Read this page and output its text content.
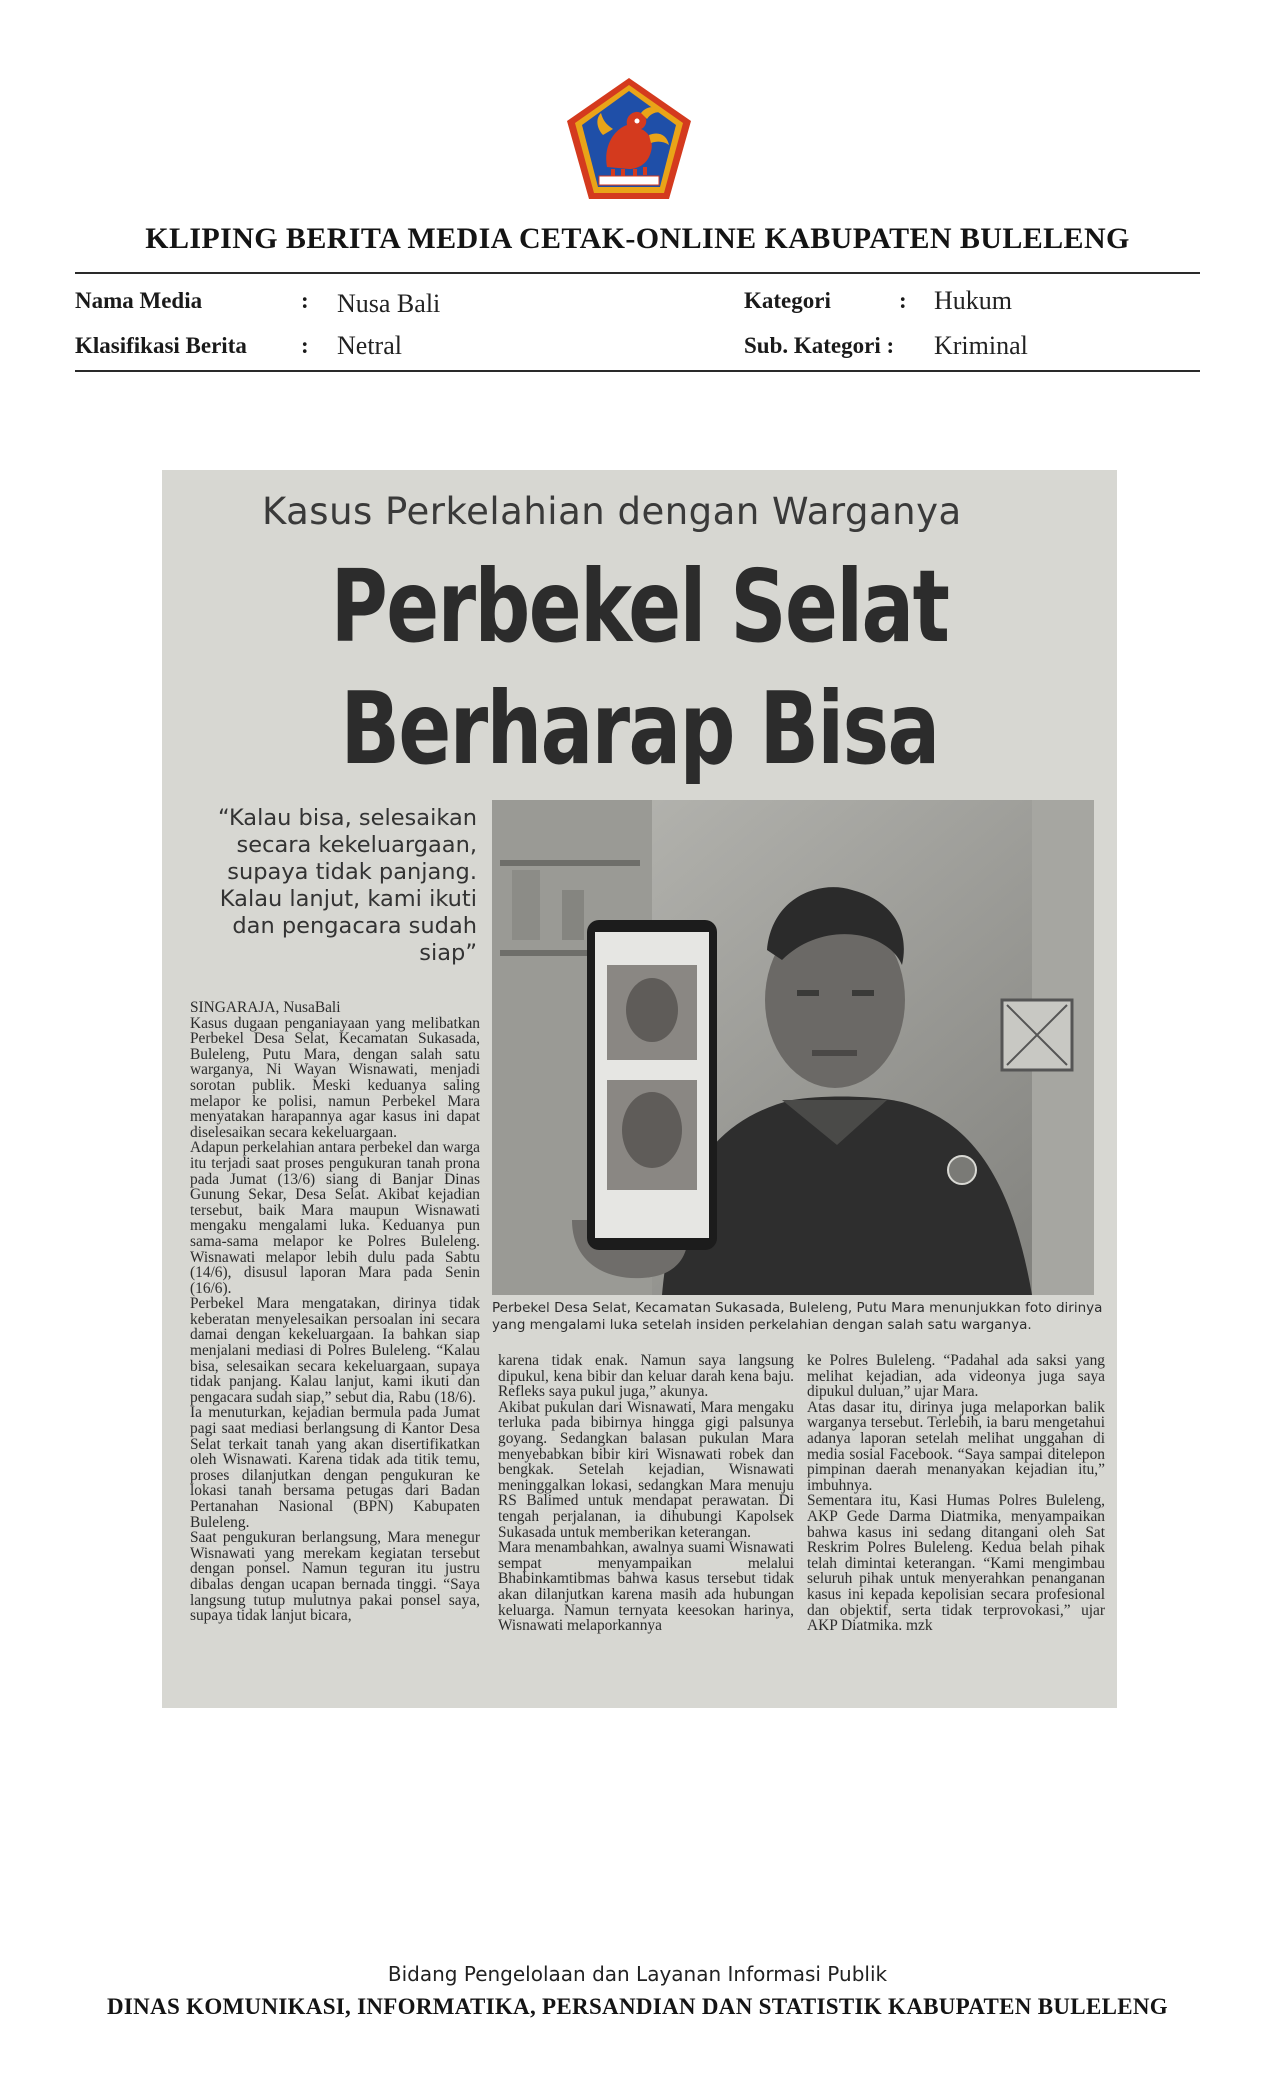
KLIPING BERITA MEDIA CETAK-ONLINE KABUPATEN BULELENG
Nama Media	: Nusa Bali	Kategori	: Hukum
Klasifikasi Berita : Netral	Sub. Kategori : Kriminal
Kasus Perkelahian dengan Warganya
Perbekel Selat
Berharap Bisa
“Kalau bisa, selesaikan secara kekeluargaan, supaya tidak panjang. Kalau lanjut, kami ikuti dan pengacara sudah siap”
Perbekel Desa Selat, Kecamatan Sukasada, Buleleng, Putu Mara menunjukkan foto dirinya yang mengalami luka setelah insiden perkelahian dengan salah satu warganya.
SINGARAJA, NusaBali
Kasus dugaan penganiayaan yang melibatkan Perbekel Desa Selat, Kecamatan Sukasada, Buleleng, Putu Mara, dengan salah satu warganya, Ni Wayan Wisnawati, menjadi sorotan publik. Meski keduanya saling melapor ke polisi, namun Perbekel Mara menyatakan harapannya agar kasus ini dapat diselesaikan secara kekeluargaan.
Adapun perkelahian antara perbekel dan warga itu terjadi saat proses pengukuran tanah prona pada Jumat (13/6) siang di Banjar Dinas Gunung Sekar, Desa Selat. Akibat kejadian tersebut, baik Mara maupun Wisnawati mengaku mengalami luka. Keduanya pun sama-sama melapor ke Polres Buleleng. Wisnawati melapor lebih dulu pada Sabtu (14/6), disusul laporan Mara pada Senin (16/6).
Perbekel Mara mengatakan, dirinya tidak keberatan menyelesaikan persoalan ini secara damai dengan kekeluargaan. Ia bahkan siap menjalani mediasi di Polres Buleleng. “Kalau bisa, selesaikan secara kekeluargaan, supaya tidak panjang. Kalau lanjut, kami ikuti dan pengacara sudah siap,” sebut dia, Rabu (18/6).
Ia menuturkan, kejadian bermula pada Jumat pagi saat mediasi berlangsung di Kantor Desa Selat terkait tanah yang akan disertifikatkan oleh Wisnawati. Karena tidak ada titik temu, proses dilanjutkan dengan pengukuran ke lokasi tanah bersama petugas dari Badan Pertanahan Nasional (BPN) Kabupaten Buleleng.
Saat pengukuran berlangsung, Mara menegur Wisnawati yang merekam kegiatan tersebut dengan ponsel. Namun teguran itu justru dibalas dengan ucapan bernada tinggi. “Saya langsung tutup mulutnya pakai ponsel saya, supaya tidak lanjut bicara,
karena tidak enak. Namun saya langsung dipukul, kena bibir dan keluar darah kena baju. Refleks saya pukul juga,” akunya.
Akibat pukulan dari Wisnawati, Mara mengaku terluka pada bibirnya hingga gigi palsunya goyang. Sedangkan balasan pukulan Mara menyebabkan bibir kiri Wisnawati robek dan bengkak. Setelah kejadian, Wisnawati meninggalkan lokasi, sedangkan Mara menuju RS Balimed untuk mendapat perawatan. Di tengah perjalanan, ia dihubungi Kapolsek Sukasada untuk memberikan keterangan.
Mara menambahkan, awalnya suami Wisnawati sempat menyampaikan melalui Bhabinkamtibmas bahwa kasus tersebut tidak akan dilanjutkan karena masih ada hubungan keluarga. Namun ternyata keesokan harinya, Wisnawati melaporkannya
ke Polres Buleleng. “Padahal ada saksi yang melihat kejadian, ada videonya juga saya dipukul duluan,” ujar Mara.
Atas dasar itu, dirinya juga melaporkan balik warganya tersebut. Terlebih, ia baru mengetahui adanya laporan setelah melihat unggahan di media sosial Facebook. “Saya sampai ditelepon pimpinan daerah menanyakan kejadian itu,” imbuhnya.
Sementara itu, Kasi Humas Polres Buleleng, AKP Gede Darma Diatmika, menyampaikan bahwa kasus ini sedang ditangani oleh Sat Reskrim Polres Buleleng. Kedua belah pihak telah dimintai keterangan. “Kami mengimbau seluruh pihak untuk menyerahkan penanganan kasus ini kepada kepolisian secara profesional dan objektif, serta tidak terprovokasi,” ujar AKP Diatmika. mzk
Bidang Pengelolaan dan Layanan Informasi Publik
DINAS KOMUNIKASI, INFORMATIKA, PERSANDIAN DAN STATISTIK KABUPATEN BULELENG
